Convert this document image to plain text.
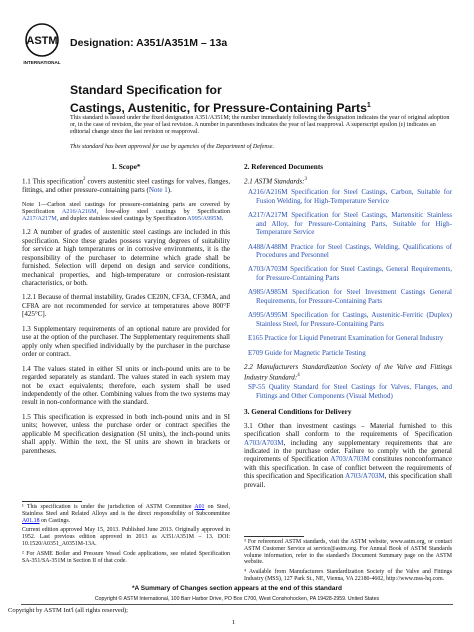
ASTM
INTERNATIONAL
Designation: A351/A351M – 13a
Standard Specification for
Castings, Austenitic, for Pressure-Containing Parts$^1$
This standard is issued under the fixed designation A351/A351M; the number immediately following the designation indicates the year of original adoption or, in the case of revision, the year of last revision. A number in parentheses indicates the year of last reapproval. A superscript epsilon (ε) indicates an editorial change since the last revision or reapproval.
This standard has been approved for use by agencies of the Department of Defense.
1. Scope*

1.1 This specification$^2$ covers austenitic steel castings for valves, flanges, fittings, and other pressure-containing parts (Note 1).

Note 1—Carbon steel castings for pressure-containing parts are covered by Specification A216/A216M, low-alloy steel castings by Specification A217/A217M, and duplex stainless steel castings by Specification A995/A995M.

1.2 A number of grades of austenitic steel castings are included in this specification. Since these grades possess varying degrees of suitability for service at high temperatures or in corrosive environments, it is the responsibility of the purchaser to determine which grade shall be furnished. Selection will depend on design and service conditions, mechanical properties, and high-temperature or corrosion-resistant characteristics, or both.

1.2.1 Because of thermal instability, Grades CE20N, CF3A, CF3MA, and CF8A are not recommended for service at temperatures above 800°F [425°C].

1.3 Supplementary requirements of an optional nature are provided for use at the option of the purchaser. The Supplementary requirements shall apply only when specified individually by the purchaser in the purchase order or contract.

1.4 The values stated in either SI units or inch-pound units are to be regarded separately as standard. The values stated in each system may not be exact equivalents; therefore, each system shall be used independently of the other. Combining values from the two systems may result in non-conformance with the standard.

1.5 This specification is expressed in both inch-pound units and in SI units; however, unless the purchase order or contract specifies the applicable M specification designation (SI units), the inch-pound units shall apply. Within the text, the SI units are shown in brackets or parentheses.

¹ This specification is under the jurisdiction of ASTM Committee A01 on Steel, Stainless Steel and Related Alloys and is the direct responsibility of Subcommittee A01.18 on Castings.

Current edition approved May 15, 2013. Published June 2013. Originally approved in 1952. Last previous edition approved in 2013 as A351/A351M – 13. DOI: 10.1520/A0351_A0351M-13A.

² For ASME Boiler and Pressure Vessel Code applications, see related Specification SA-351/SA-351M in Section II of that code.

2. Referenced Documents

2.1 ASTM Standards:$^3$

A216/A216M Specification for Steel Castings, Carbon, Suitable for Fusion Welding, for High-Temperature Service

A217/A217M Specification for Steel Castings, Martensitic Stainless and Alloy, for Pressure-Containing Parts, Suitable for High-Temperature Service

A488/A488M Practice for Steel Castings, Welding, Qualifications of Procedures and Personnel

A703/A703M Specification for Steel Castings, General Requirements, for Pressure-Containing Parts

A985/A985M Specification for Steel Investment Castings General Requirements, for Pressure-Containing Parts

A995/A995M Specification for Castings, Austenitic-Ferritic (Duplex) Stainless Steel, for Pressure-Containing Parts

E165 Practice for Liquid Penetrant Examination for General Industry

E709 Guide for Magnetic Particle Testing

2.2 Manufacturers Standardization Society of the Valve and Fittings Industry Standard:$^4$

SP-55 Quality Standard for Steel Castings for Valves, Flanges, and Fittings and Other Components (Visual Method)

3. General Conditions for Delivery

3.1 Other than investment castings – Material furnished to this specification shall conform to the requirements of Specification A703/A703M, including any supplementary requirements that are indicated in the purchase order. Failure to comply with the general requirements of Specification A703/A703M constitutes nonconformance with this specification. In case of conflict between the requirements of this specification and Specification A703/A703M, this specification shall prevail.

³ For referenced ASTM standards, visit the ASTM website, www.astm.org, or contact ASTM Customer Service at service@astm.org. For Annual Book of ASTM Standards volume information, refer to the standard's Document Summary page on the ASTM website.

⁴ Available from Manufacturers Standardization Society of the Valve and Fittings Industry (MSS), 127 Park St., NE, Vienna, VA 22180-4602, http://www.mss-hq.com.

*A Summary of Changes section appears at the end of this standard
Copyright © ASTM International, 100 Barr Harbor Drive, PO Box C700, West Conshohocken, PA 19428-2959. United States
Copyright by ASTM Int'l (all rights reserved);
1
